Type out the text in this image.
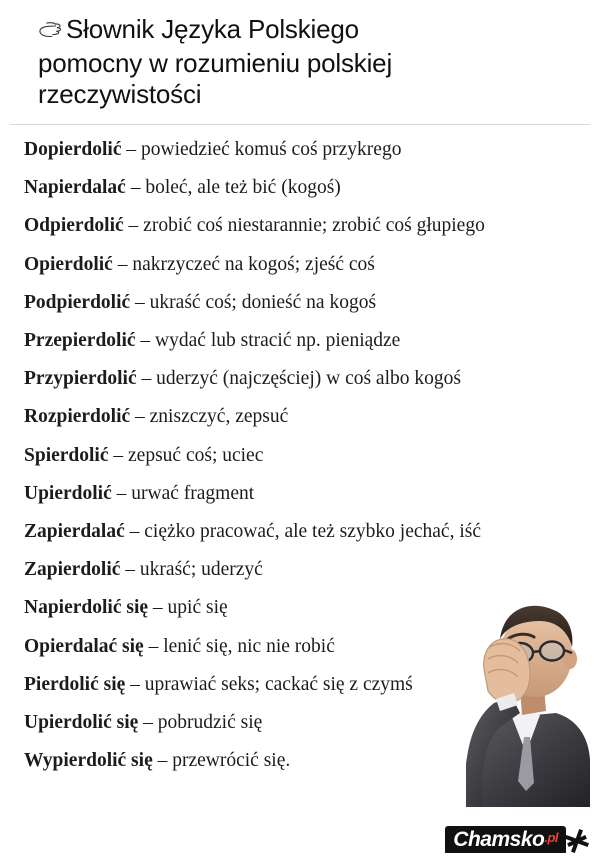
Słownik Języka Polskiego
pomocny w rozumieniu polskiej
rzeczywistości
Dopierdolić – powiedzieć komuś coś przykrego
Napierdalać – boleć, ale też bić (kogoś)
Odpierdolić – zrobić coś niestarannie; zrobić coś głupiego
Opierdolić – nakrzyczeć na kogoś; zjeść coś
Podpierdolić – ukraść coś; donieść na kogoś
Przepierdolić – wydać lub stracić np. pieniądze
Przypierdolić – uderzyć (najczęściej) w coś albo kogoś
Rozpierdolić – zniszczyć, zepsuć
Spierdolić – zepsuć coś; uciec
Upierdolić – urwać fragment
Zapierdalać – ciężko pracować, ale też szybko jechać, iść
Zapierdolić – ukraść; uderzyć
Napierdolić się – upić się
Opierdalać się – lenić się, nic nie robić
Pierdolić się – uprawiać seks; cackać się z czymś
Upierdolić się – pobrudzić się
Wypierdolić się – przewrócić się.
Chamsko.pl
